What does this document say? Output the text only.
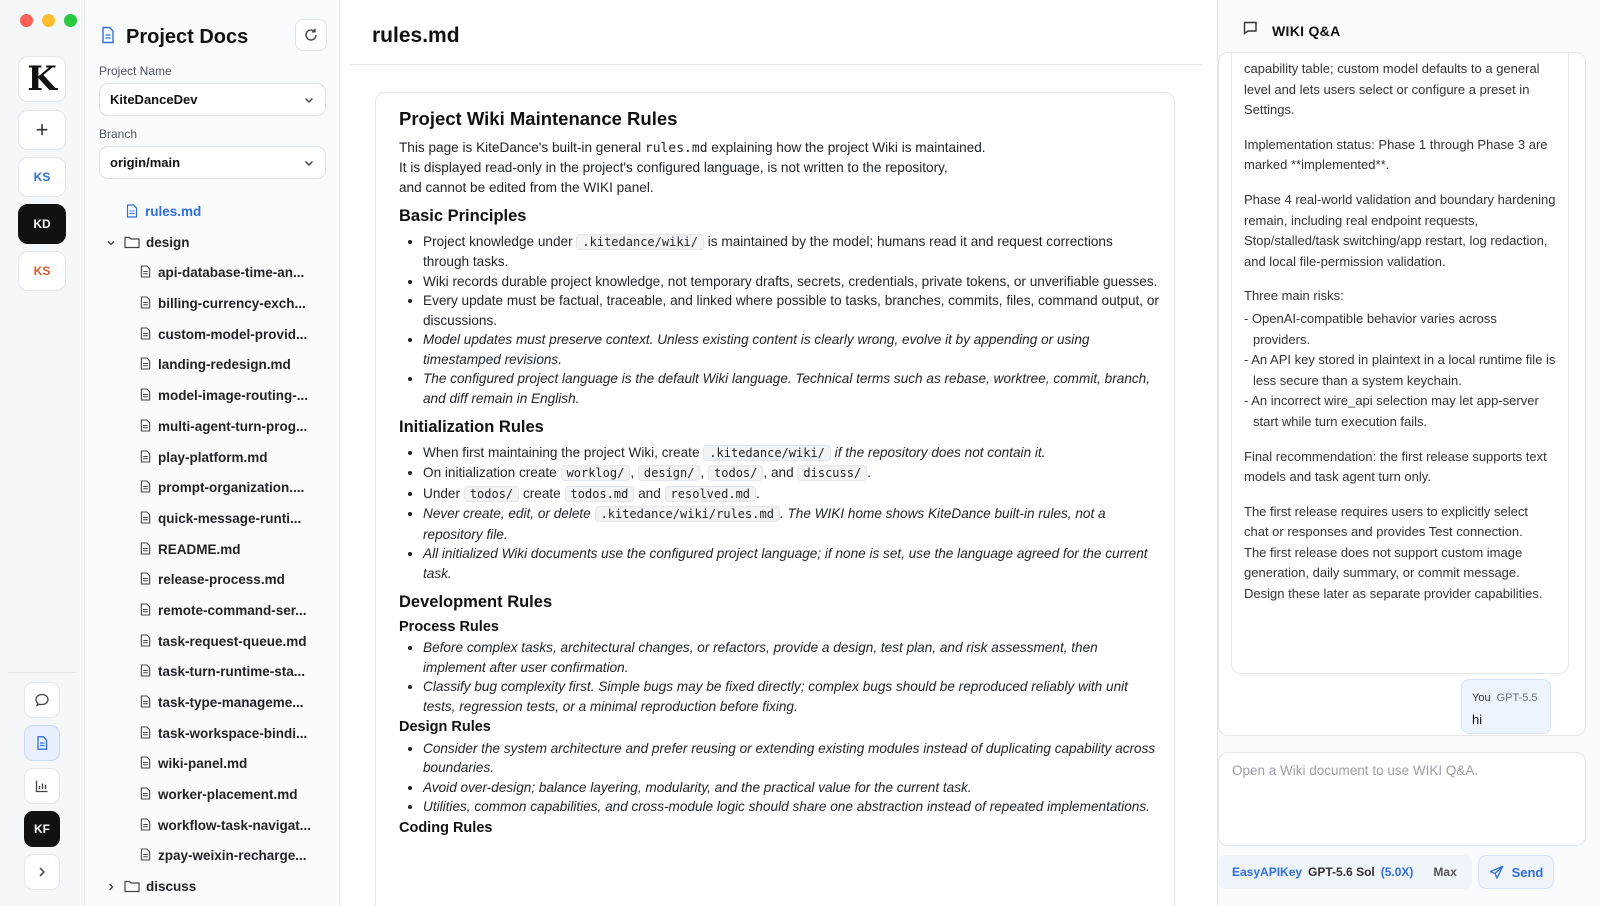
K
+
KS
KD
KS
KF
Project Docs
Project Name
KiteDanceDev
Branch
origin/main
rules.md
design
api-database-time-an...
billing-currency-exch...
custom-model-provid...
landing-redesign.md
model-image-routing-...
multi-agent-turn-prog...
play-platform.md
prompt-organization....
quick-message-runti...
README.md
release-process.md
remote-command-ser...
task-request-queue.md
task-turn-runtime-sta...
task-type-manageme...
task-workspace-bindi...
wiki-panel.md
worker-placement.md
workflow-task-navigat...
zpay-weixin-recharge...
discuss
rules.md
Project Wiki Maintenance Rules

This page is KiteDance's built-in general rules.md explaining how the project Wiki is maintained.

It is displayed read-only in the project's configured language, is not written to the repository,

and cannot be edited from the WIKI panel.

Basic Principles
• Project knowledge under .kitedance/wiki/ is maintained by the model; humans read it and request corrections through tasks.
• Wiki records durable project knowledge, not temporary drafts, secrets, credentials, private tokens, or unverifiable guesses.
• Every update must be factual, traceable, and linked where possible to tasks, branches, commits, files, command output, or discussions.
• Model updates must preserve context. Unless existing content is clearly wrong, evolve it by appending or using timestamped revisions.
• The configured project language is the default Wiki language. Technical terms such as rebase, worktree, commit, branch, and diff remain in English.
Initialization Rules
• When first maintaining the project Wiki, create .kitedance/wiki/ if the repository does not contain it.
• On initialization create worklog/ , design/ , todos/ , and discuss/ .
• Under todos/ create todos.md and resolved.md .
• Never create, edit, or delete .kitedance/wiki/rules.md . The WIKI home shows KiteDance built-in rules, not a repository file.
• All initialized Wiki documents use the configured project language; if none is set, use the language agreed for the current task.
Development Rules
Process Rules
• Before complex tasks, architectural changes, or refactors, provide a design, test plan, and risk assessment, then implement after user confirmation.
• Classify bug complexity first. Simple bugs may be fixed directly; complex bugs should be reproduced reliably with unit tests, regression tests, or a minimal reproduction before fixing.
Design Rules
• Consider the system architecture and prefer reusing or extending existing modules instead of duplicating capability across boundaries.
• Avoid over-design; balance layering, modularity, and the practical value for the current task.
• Utilities, common capabilities, and cross-module logic should share one abstraction instead of repeated implementations.
Coding Rules
WIKI Q&A

capability table; custom model defaults to a general level and lets users select or configure a preset in Settings.

Implementation status: Phase 1 through Phase 3 are marked **implemented**.

Phase 4 real-world validation and boundary hardening remain, including real endpoint requests, Stop/stalled/task switching/app restart, log redaction, and local file-permission validation.

Three main risks:
- OpenAI-compatible behavior varies across providers.
- An API key stored in plaintext in a local runtime file is less secure than a system keychain.
- An incorrect wire_api selection may let app-server start while turn execution fails.

Final recommendation: the first release supports text models and task agent turn only.

The first release requires users to explicitly select chat or responses and provides Test connection.
The first release does not support custom image generation, daily summary, or commit message. Design these later as separate provider capabilities.
You GPT-5.5
hi
Open a Wiki document to use WIKI Q&A.
EasyAPIKey GPT-5.6 Sol (5.0X) Max	Send
